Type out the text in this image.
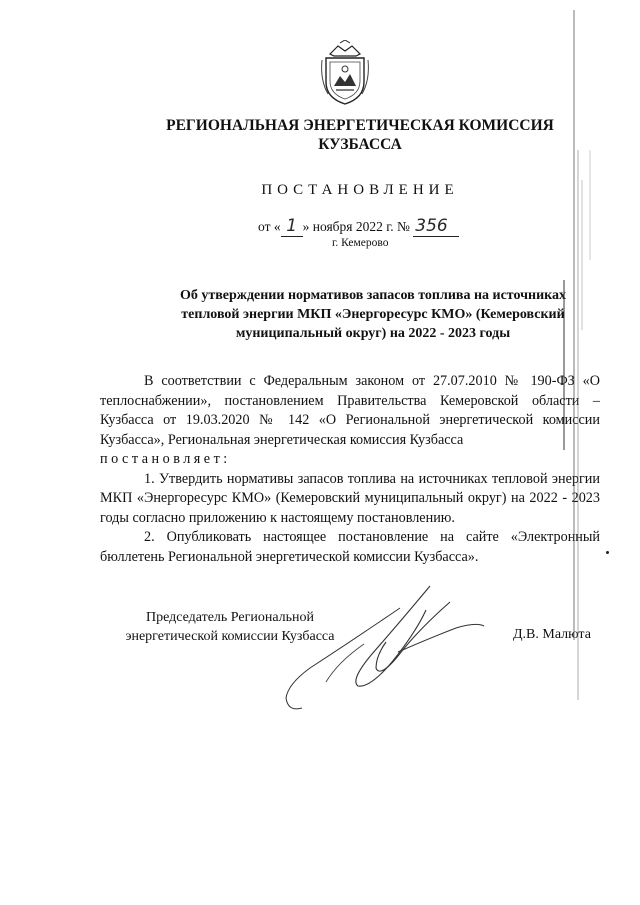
РЕГИОНАЛЬНАЯ ЭНЕРГЕТИЧЕСКАЯ КОМИССИЯ
КУЗБАССА
ПОСТАНОВЛЕНИЕ
от « 1 » ноября 2022 г. № 356
г. Кемерово
Об утверждении нормативов запасов топлива на источниках
тепловой энергии МКП «Энергоресурс КМО» (Кемеровский
муниципальный округ) на 2022 - 2023 годы

В соответствии с Федеральным законом от 27.07.2010 № 190-ФЗ «О теплоснабжении», постановлением Правительства Кемеровской области – Кузбасса от 19.03.2020 № 142 «О Региональной энергетической комиссии Кузбасса», Региональная энергетическая комиссия Кузбасса

постановляет:

1. Утвердить нормативы запасов топлива на источниках тепловой энергии МКП «Энергоресурс КМО» (Кемеровский муниципальный округ) на 2022 - 2023 годы согласно приложению к настоящему постановлению.

2. Опубликовать настоящее постановление на сайте «Электронный бюллетень Региональной энергетической комиссии Кузбасса».

Председатель Региональной
энергетической комиссии Кузбасса	Д.В. Малюта
